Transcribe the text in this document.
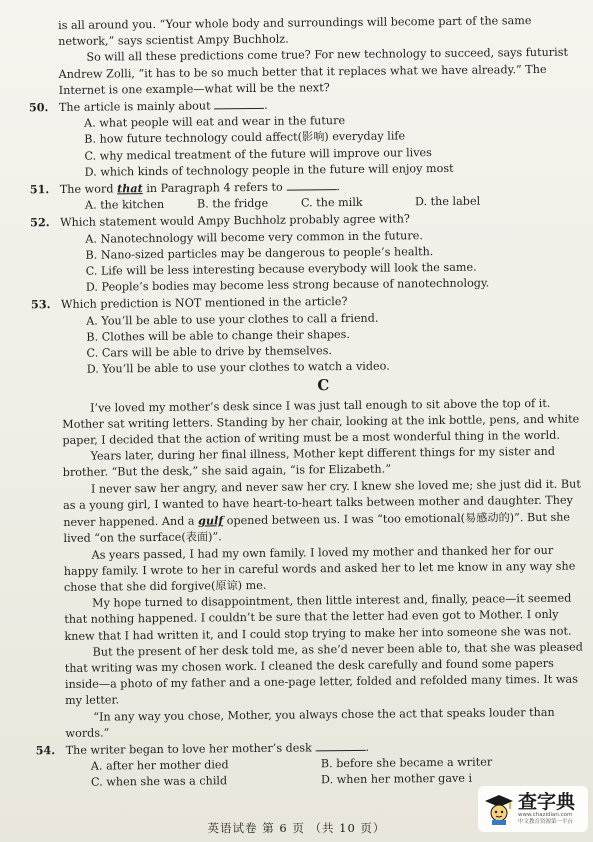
is all around you. “Your whole body and surroundings will become part of the same network,” says scientist Ampy Buchholz.

So will all these predictions come true? For new technology to succeed, says futurist Andrew Zolli, “it has to be so much better that it replaces what we have already.” The Internet is one example—what will be the next?

50. The article is mainly about	.

A. what people will eat and wear in the future

B. how future technology could affect(影响) everyday life

C. why medical treatment of the future will improve our lives

D. which kinds of technology people in the future will enjoy most

51. The word that in Paragraph 4 refers to	.

A. the kitchen	B. the fridge	C. the milk	D. the label

52. Which statement would Ampy Buchholz probably agree with?

A. Nanotechnology will become very common in the future.

B. Nano-sized particles may be dangerous to people’s health.

C. Life will be less interesting because everybody will look the same.

D. People’s bodies may become less strong because of nanotechnology.

53. Which prediction is NOT mentioned in the article?

A. You’ll be able to use your clothes to call a friend.

B. Clothes will be able to change their shapes.

C. Cars will be able to drive by themselves.

D. You’ll be able to use your clothes to watch a video.

C

I’ve loved my mother’s desk since I was just tall enough to sit above the top of it. Mother sat writing letters. Standing by her chair, looking at the ink bottle, pens, and white paper, I decided that the action of writing must be a most wonderful thing in the world.

Years later, during her final illness, Mother kept different things for my sister and brother. “But the desk,” she said again, “is for Elizabeth.”

I never saw her angry, and never saw her cry. I knew she loved me; she just did it. But as a young girl, I wanted to have heart-to-heart talks between mother and daughter. They never happened. And a gulf opened between us. I was “too emotional(易感动的)”. But she lived “on the surface(表面)”.

As years passed, I had my own family. I loved my mother and thanked her for our happy family. I wrote to her in careful words and asked her to let me know in any way she chose that she did forgive(原谅) me.

My hope turned to disappointment, then little interest and, finally, peace—it seemed that nothing happened. I couldn’t be sure that the letter had even got to Mother. I only knew that I had written it, and I could stop trying to make her into someone she was not.

But the present of her desk told me, as she’d never been able to, that she was pleased that writing was my chosen work. I cleaned the desk carefully and found some papers inside—a photo of my father and a one-page letter, folded and refolded many times. It was my letter.

“In any way you chose, Mother, you always chose the act that speaks louder than words.”

54. The writer began to love her mother’s desk	.

A. after her mother died	B. before she became a writer
C. when she was a child	D. when her mother gave i
英语试卷 第 6 页 （共 10 页）
查字典
www.chazidian.com
中文教育资源第一平台
